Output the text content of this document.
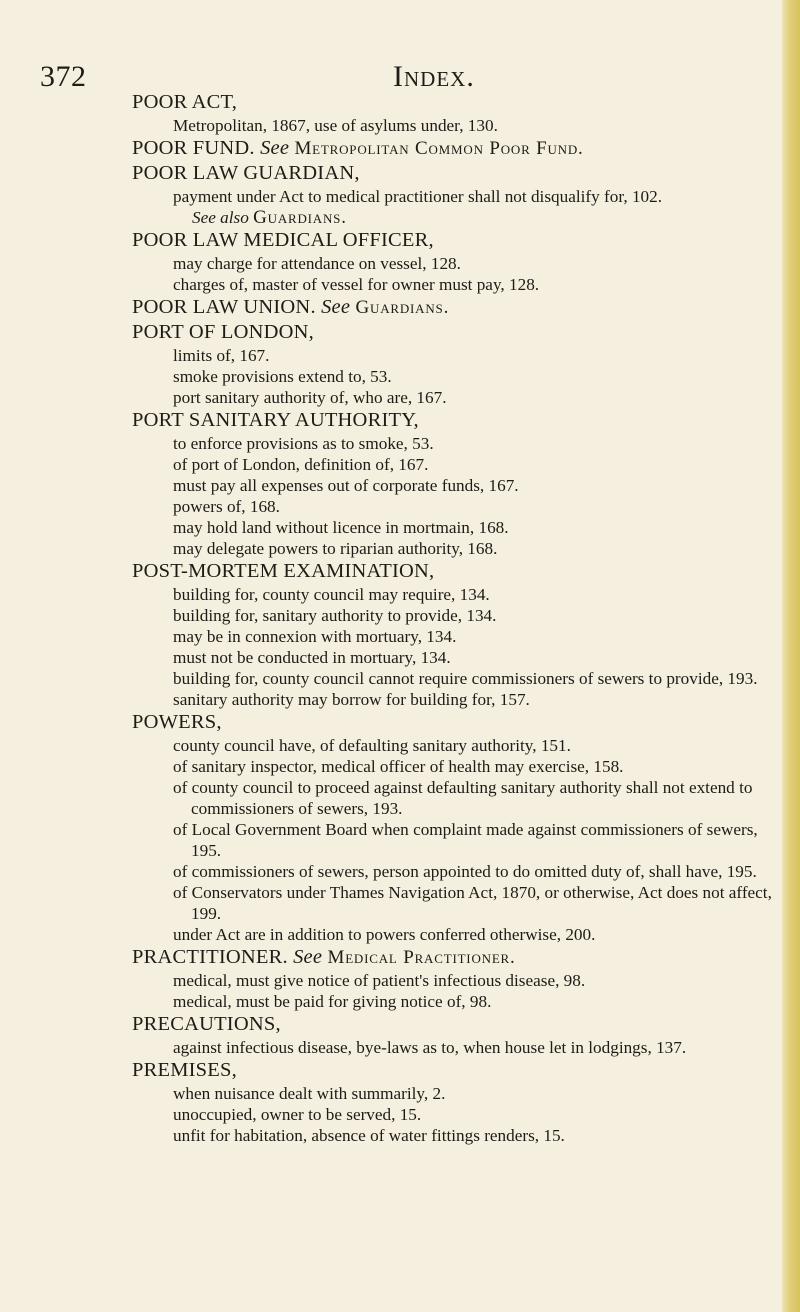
372	Index.
POOR ACT,
Metropolitan, 1867, use of asylums under, 130.
POOR FUND. See Metropolitan Common Poor Fund.
POOR LAW GUARDIAN,
payment under Act to medical practitioner shall not disqualify for, 102.
See also Guardians.
POOR LAW MEDICAL OFFICER,
may charge for attendance on vessel, 128.
charges of, master of vessel for owner must pay, 128.
POOR LAW UNION. See Guardians.
PORT OF LONDON,
limits of, 167.
smoke provisions extend to, 53.
port sanitary authority of, who are, 167.
PORT SANITARY AUTHORITY,
to enforce provisions as to smoke, 53.
of port of London, definition of, 167.
must pay all expenses out of corporate funds, 167.
powers of, 168.
may hold land without licence in mortmain, 168.
may delegate powers to riparian authority, 168.
POST-MORTEM EXAMINATION,
building for, county council may require, 134.
building for, sanitary authority to provide, 134.
may be in connexion with mortuary, 134.
must not be conducted in mortuary, 134.
building for, county council cannot require commissioners of sewers to provide, 193.
sanitary authority may borrow for building for, 157.
POWERS,
county council have, of defaulting sanitary authority, 151.
of sanitary inspector, medical officer of health may exercise, 158.
of county council to proceed against defaulting sanitary authority shall not extend to commissioners of sewers, 193.
of Local Government Board when complaint made against commissioners of sewers, 195.
of commissioners of sewers, person appointed to do omitted duty of, shall have, 195.
of Conservators under Thames Navigation Act, 1870, or otherwise, Act does not affect, 199.
under Act are in addition to powers conferred otherwise, 200.
PRACTITIONER. See Medical Practitioner.
medical, must give notice of patient's infectious disease, 98.
medical, must be paid for giving notice of, 98.
PRECAUTIONS,
against infectious disease, bye-laws as to, when house let in lodgings, 137.
PREMISES,
when nuisance dealt with summarily, 2.
unoccupied, owner to be served, 15.
unfit for habitation, absence of water fittings renders, 15.
